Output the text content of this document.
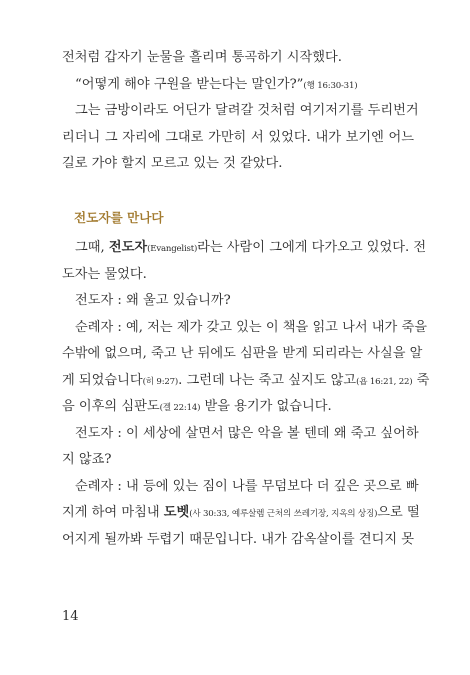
전처럼 갑자기 눈물을 흘리며 통곡하기 시작했다.
“어떻게 해야 구원을 받는다는 말인가?”(행 16:30-31)
그는 금방이라도 어딘가 달려갈 것처럼 여기저기를 두리번거
리더니 그 자리에 그대로 가만히 서 있었다. 내가 보기엔 어느
길로 가야 할지 모르고 있는 것 같았다.
전도자를 만나다
그때, 전도자(Evangelist)라는 사람이 그에게 다가오고 있었다. 전
도자는 물었다.
전도자 : 왜 울고 있습니까?
순례자 : 예, 저는 제가 갖고 있는 이 책을 읽고 나서 내가 죽을
수밖에 없으며, 죽고 난 뒤에도 심판을 받게 되리라는 사실을 알
게 되었습니다(히 9:27). 그런데 나는 죽고 싶지도 않고(욥 16:21, 22) 죽
음 이후의 심판도(겔 22:14) 받을 용기가 없습니다.
전도자 : 이 세상에 살면서 많은 악을 볼 텐데 왜 죽고 싶어하
지 않죠?
순례자 : 내 등에 있는 짐이 나를 무덤보다 더 깊은 곳으로 빠
지게 하여 마침내 도벳(사 30:33, 예루살렘 근처의 쓰레기장, 지옥의 상징)으로 떨
어지게 될까봐 두렵기 때문입니다. 내가 감옥살이를 견디지 못
14
